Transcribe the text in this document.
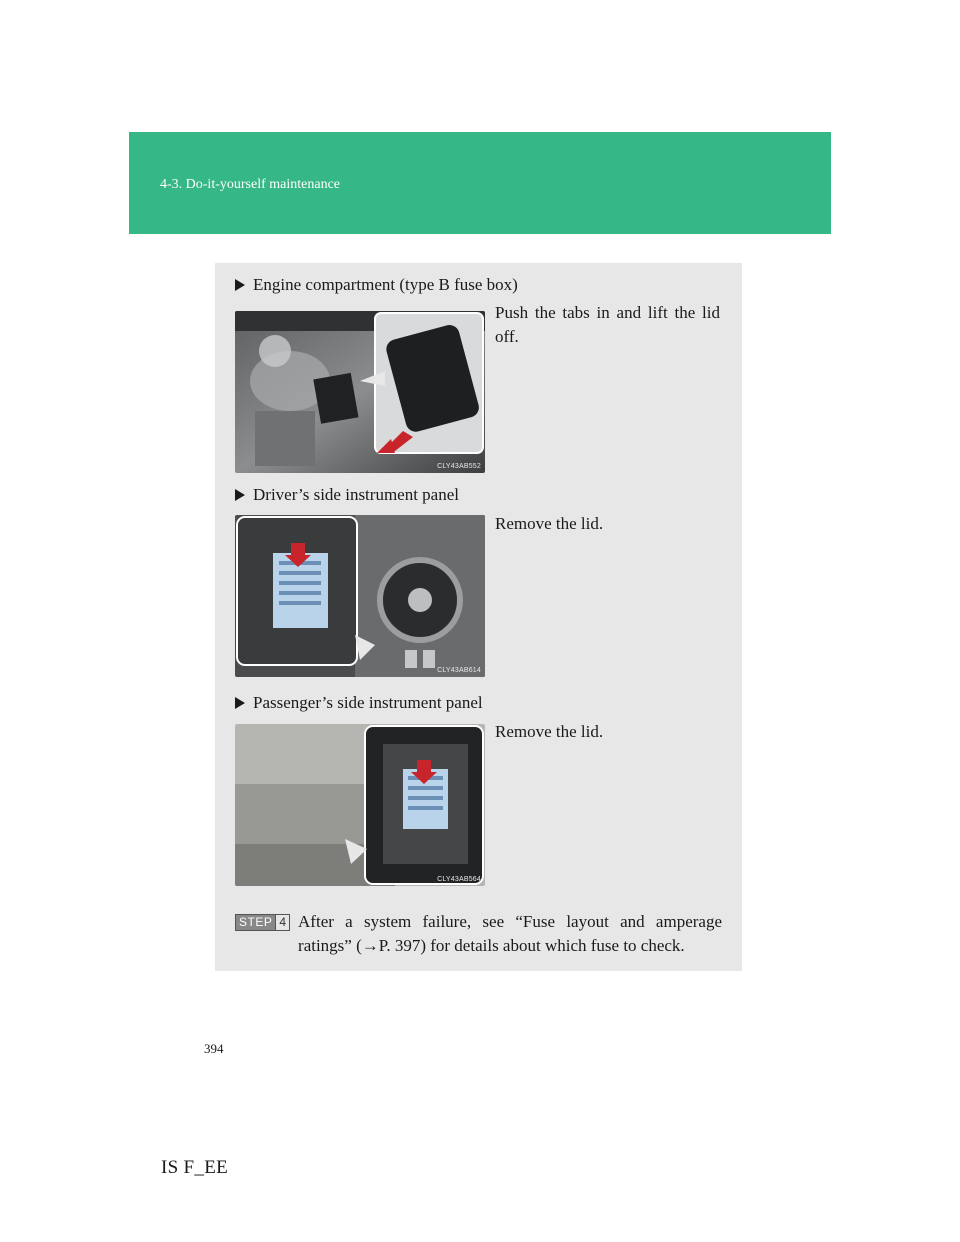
4-3. Do-it-yourself maintenance
Engine compartment (type B fuse box)
CLY43AB552
Push the tabs in and lift the lid off.
Driver’s side instrument panel
CLY43AB614
Remove the lid.
Passenger’s side instrument panel
CLY43AB564
Remove the lid.
STEP 4 After a system failure, see “Fuse layout and amperage ratings” (→P. 397) for details about which fuse to check.
394
IS F_EE
